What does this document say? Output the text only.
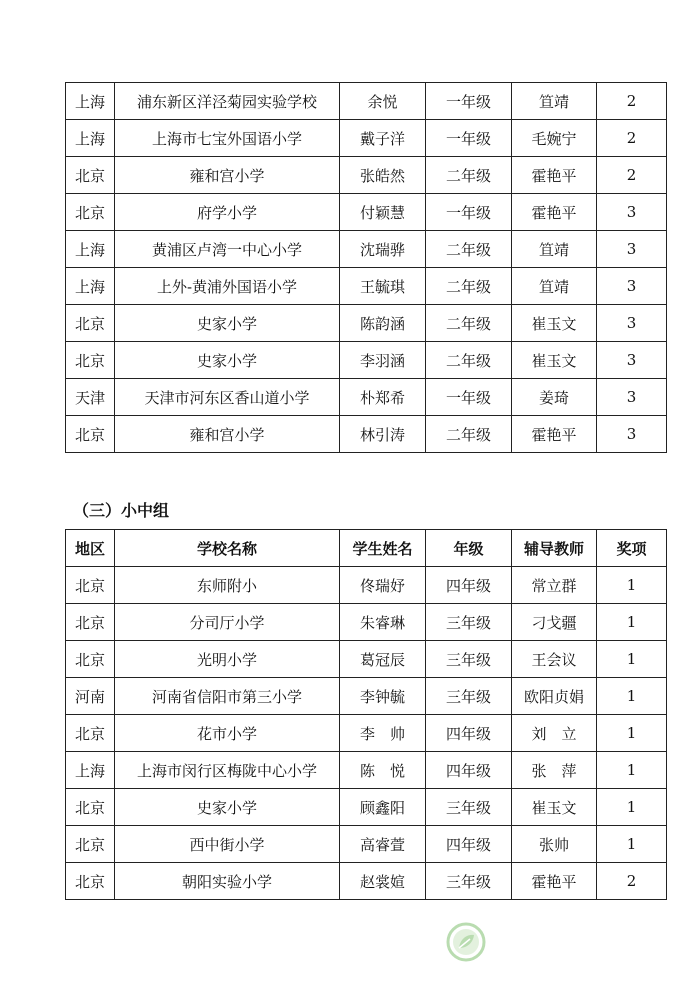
上海	浦东新区洋泾菊园实验学校	余悦	一年级	笪靖	2
上海	上海市七宝外国语小学	戴子洋	一年级	毛婉宁	2
北京	雍和宫小学	张皓然	二年级	霍艳平	2
北京	府学小学	付颖慧	一年级	霍艳平	3
上海	黄浦区卢湾一中心小学	沈瑞骅	二年级	笪靖	3
上海	上外-黄浦外国语小学	王毓琪	二年级	笪靖	3
北京	史家小学	陈韵涵	二年级	崔玉文	3
北京	史家小学	李羽涵	二年级	崔玉文	3
天津	天津市河东区香山道小学	朴郑希	一年级	姜琦	3
北京	雍和宫小学	林引涛	二年级	霍艳平	3
（三）小中组
地区	学校名称	学生姓名	年级	辅导教师	奖项
北京	东师附小	佟瑞妤	四年级	常立群	1
北京	分司厅小学	朱睿琳	三年级	刁戈疆	1
北京	光明小学	葛冠辰	三年级	王会议	1
河南	河南省信阳市第三小学	李钟毓	三年级	欧阳贞娟	1
北京	花市小学	李　帅	四年级	刘　立	1
上海	上海市闵行区梅陇中心小学	陈　悦	四年级	张　萍	1
北京	史家小学	顾鑫阳	三年级	崔玉文	1
北京	西中街小学	高睿萱	四年级	张帅	1
北京	朝阳实验小学	赵裳媗	三年级	霍艳平	2
